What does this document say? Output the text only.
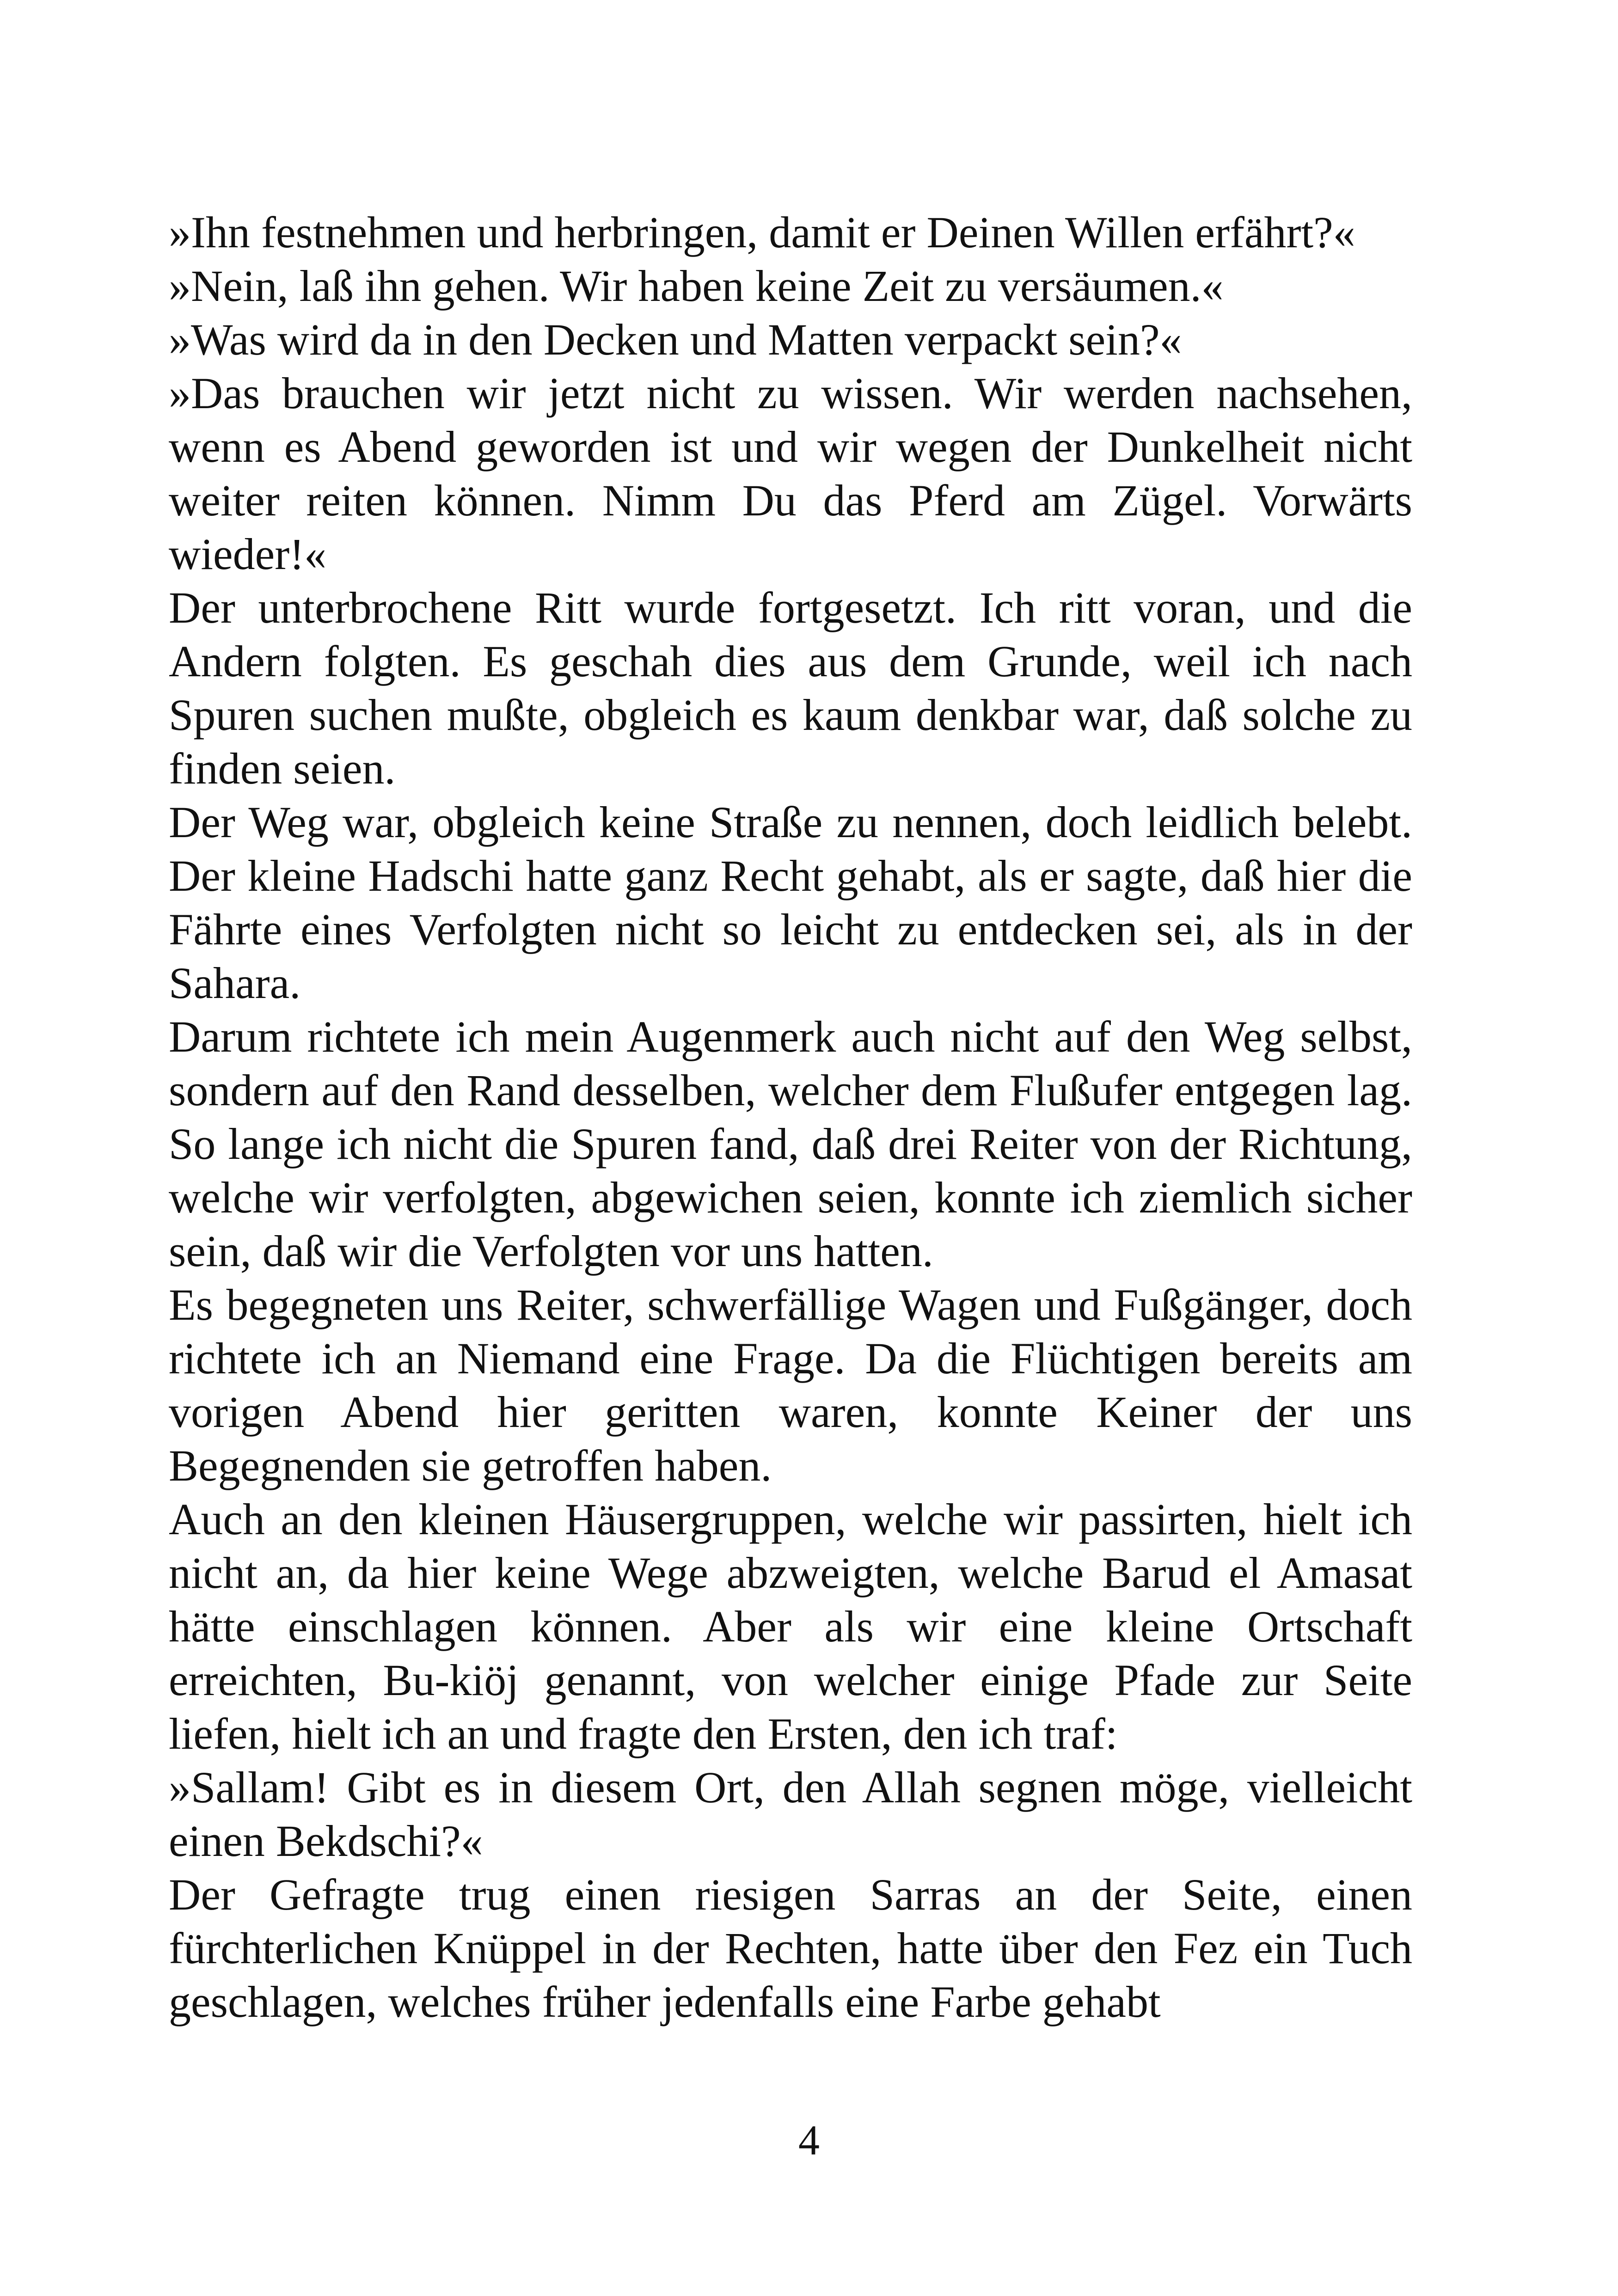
»Ihn festnehmen und herbringen, damit er Deinen Willen erfährt?«

»Nein, laß ihn gehen. Wir haben keine Zeit zu versäumen.«

»Was wird da in den Decken und Matten verpackt sein?«

»Das brauchen wir jetzt nicht zu wissen. Wir werden nachsehen, wenn es Abend geworden ist und wir wegen der Dunkelheit nicht weiter reiten können. Nimm Du das Pferd am Zügel. Vorwärts wieder!«

Der unterbrochene Ritt wurde fortgesetzt. Ich ritt voran, und die Andern folgten. Es geschah dies aus dem Grunde, weil ich nach Spuren suchen mußte, obgleich es kaum denkbar war, daß solche zu finden seien.

Der Weg war, obgleich keine Straße zu nennen, doch leidlich belebt. Der kleine Hadschi hatte ganz Recht gehabt, als er sagte, daß hier die Fährte eines Verfolgten nicht so leicht zu entdecken sei, als in der Sahara.

Darum richtete ich mein Augenmerk auch nicht auf den Weg selbst, sondern auf den Rand desselben, welcher dem Flußufer entgegen lag. So lange ich nicht die Spuren fand, daß drei Reiter von der Richtung, welche wir verfolgten, abgewichen seien, konnte ich ziemlich sicher sein, daß wir die Verfolgten vor uns hatten.

Es begegneten uns Reiter, schwerfällige Wagen und Fußgänger, doch richtete ich an Niemand eine Frage. Da die Flüchtigen bereits am vorigen Abend hier geritten waren, konnte Keiner der uns Begegnenden sie getroffen haben.

Auch an den kleinen Häusergruppen, welche wir passirten, hielt ich nicht an, da hier keine Wege abzweigten, welche Barud el Amasat hätte einschlagen können. Aber als wir eine kleine Ortschaft erreichten, Bu-kiöj genannt, von welcher einige Pfade zur Seite liefen, hielt ich an und fragte den Ersten, den ich traf:

»Sallam! Gibt es in diesem Ort, den Allah segnen möge, vielleicht einen Bekdschi?«

Der Gefragte trug einen riesigen Sarras an der Seite, einen fürchterlichen Knüppel in der Rechten, hatte über den Fez ein Tuch geschlagen, welches früher jedenfalls eine Farbe gehabt

4
